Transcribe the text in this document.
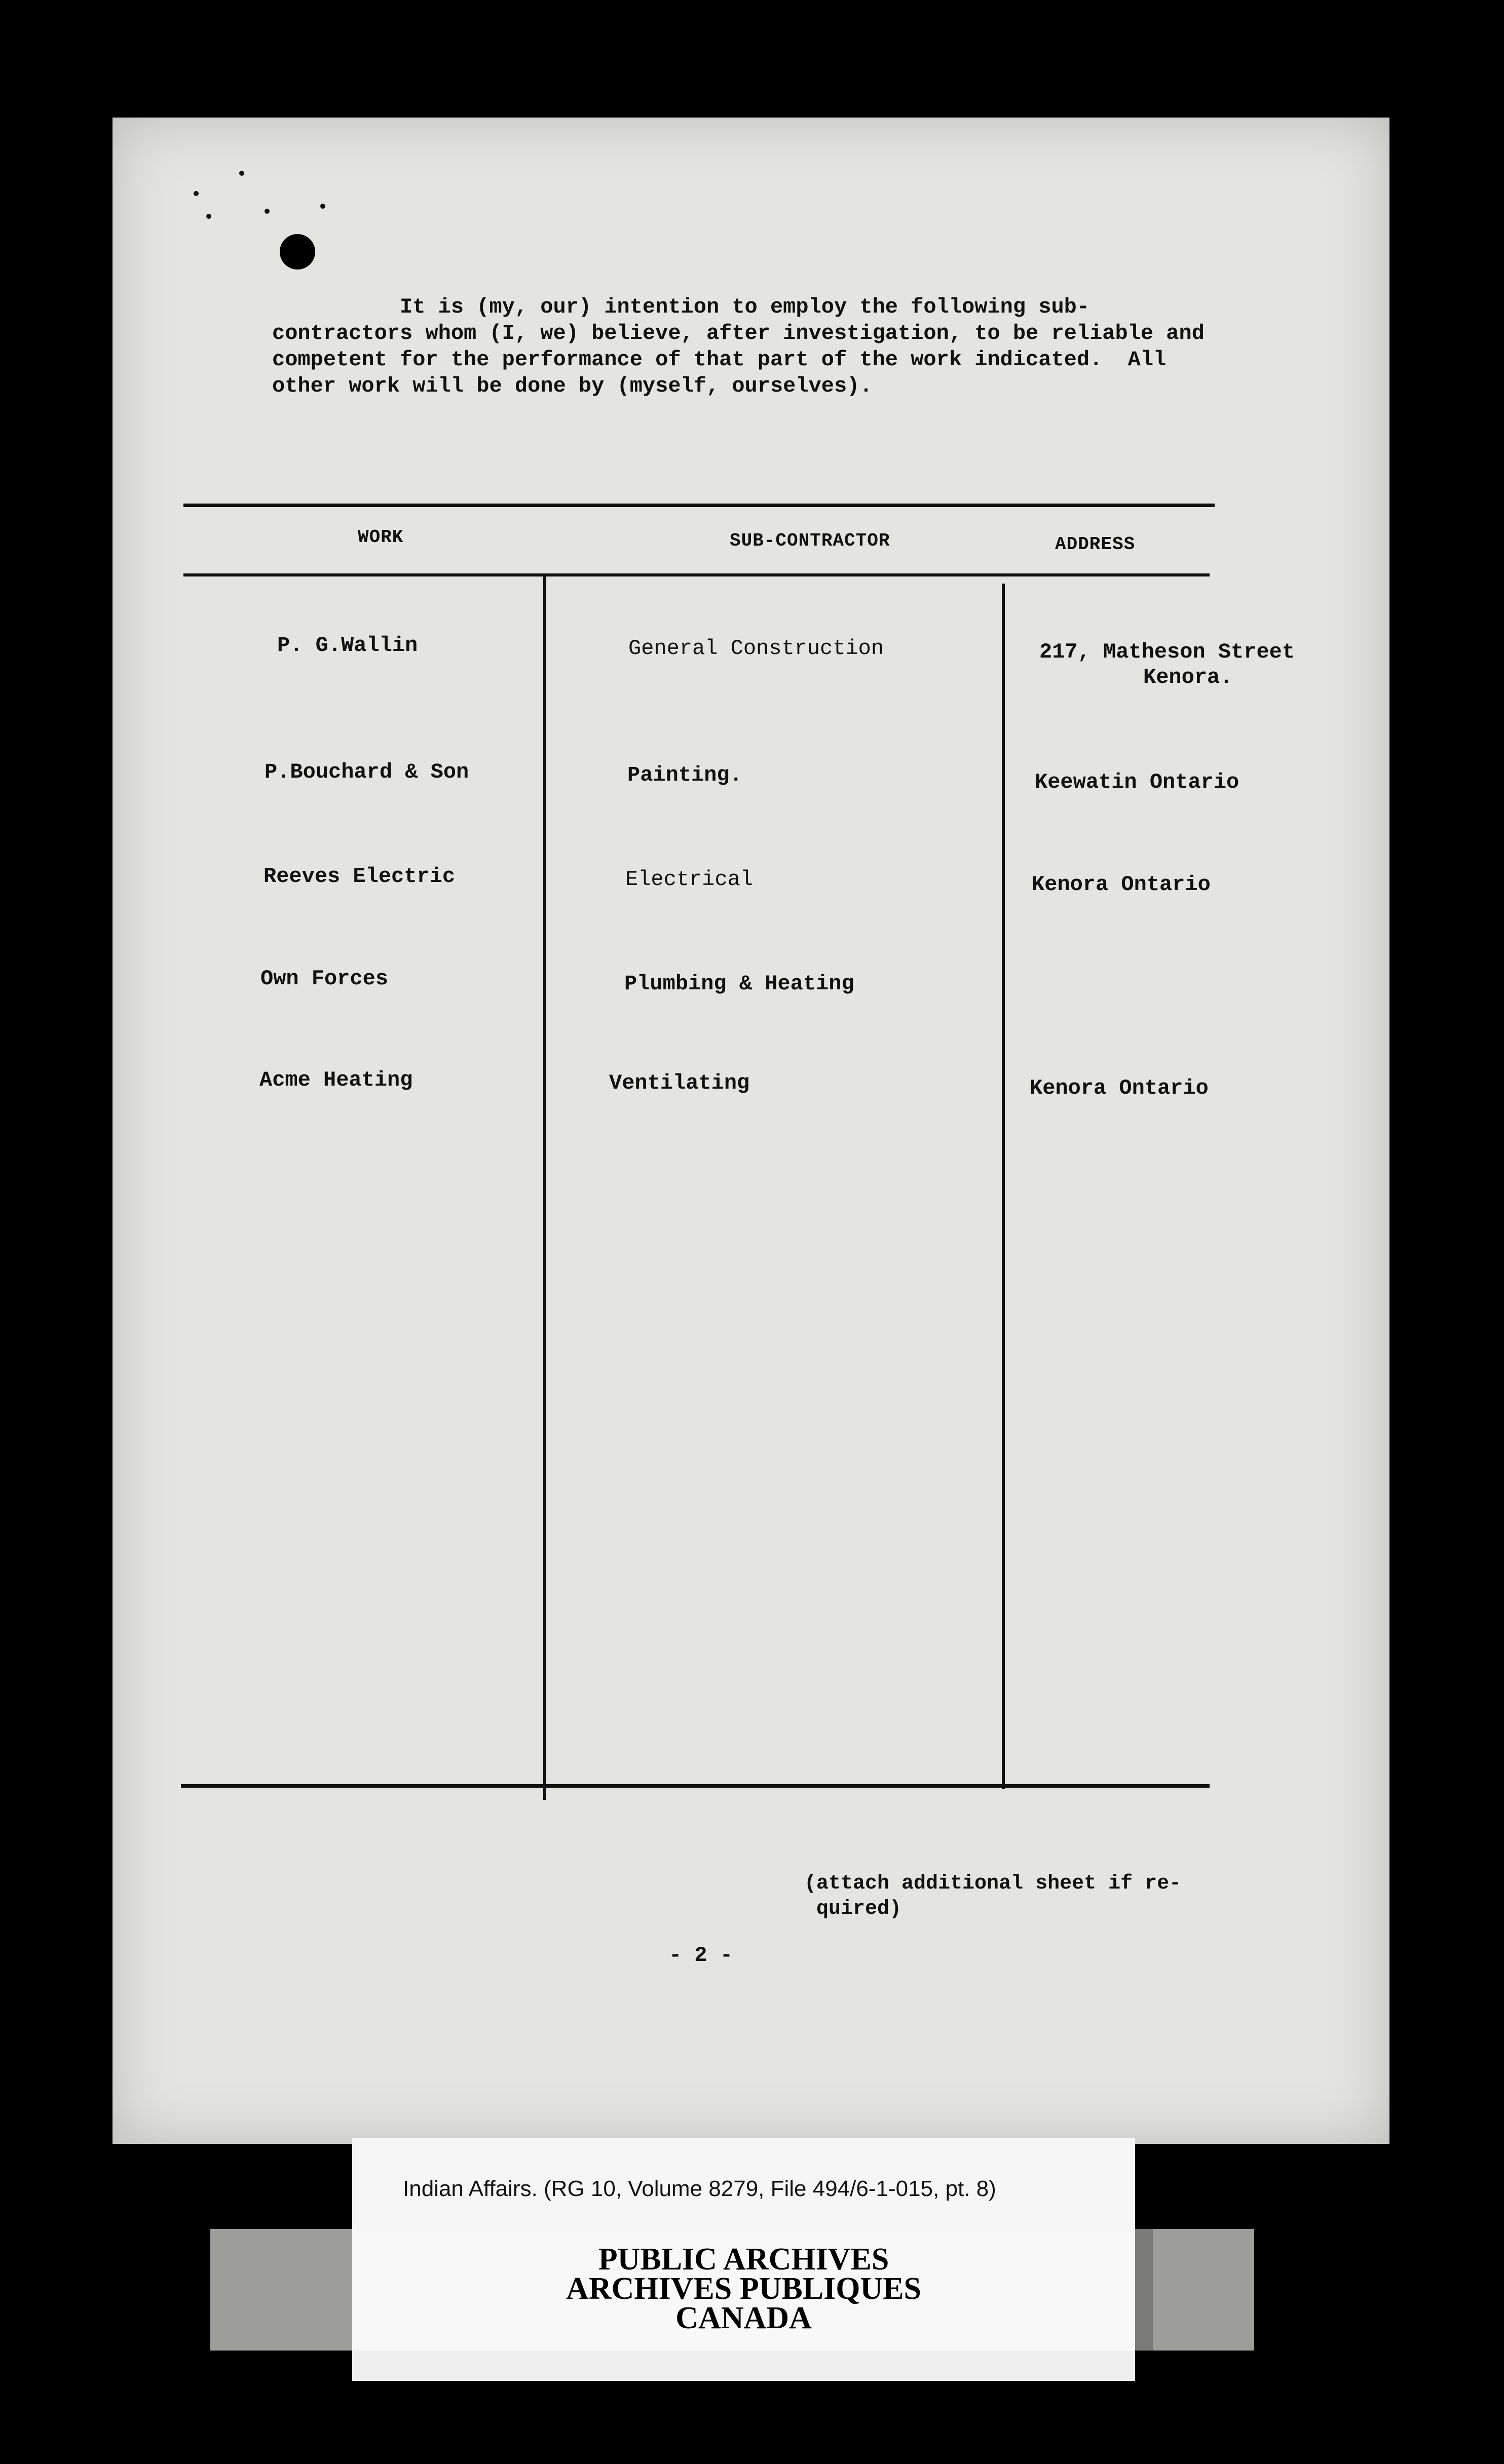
It is (my, our) intention to employ the following sub-
contractors whom (I, we) believe, after investigation, to be reliable and
competent for the performance of that part of the work indicated.  All
other work will be done by (myself, ourselves).
WORK	SUB-CONTRACTOR	ADDRESS
P. G.Wallin	General Construction	217, Matheson Street
Kenora.
P.Bouchard & Son	Painting.	Keewatin Ontario
Reeves Electric	Electrical	Kenora Ontario
Own Forces	Plumbing & Heating
Acme Heating	Ventilating	Kenora Ontario
(attach additional sheet if re-
quired)
- 2 -
Indian Affairs. (RG 10, Volume 8279, File 494/6-1-015, pt. 8)
PUBLIC ARCHIVES
ARCHIVES PUBLIQUES
CANADA
